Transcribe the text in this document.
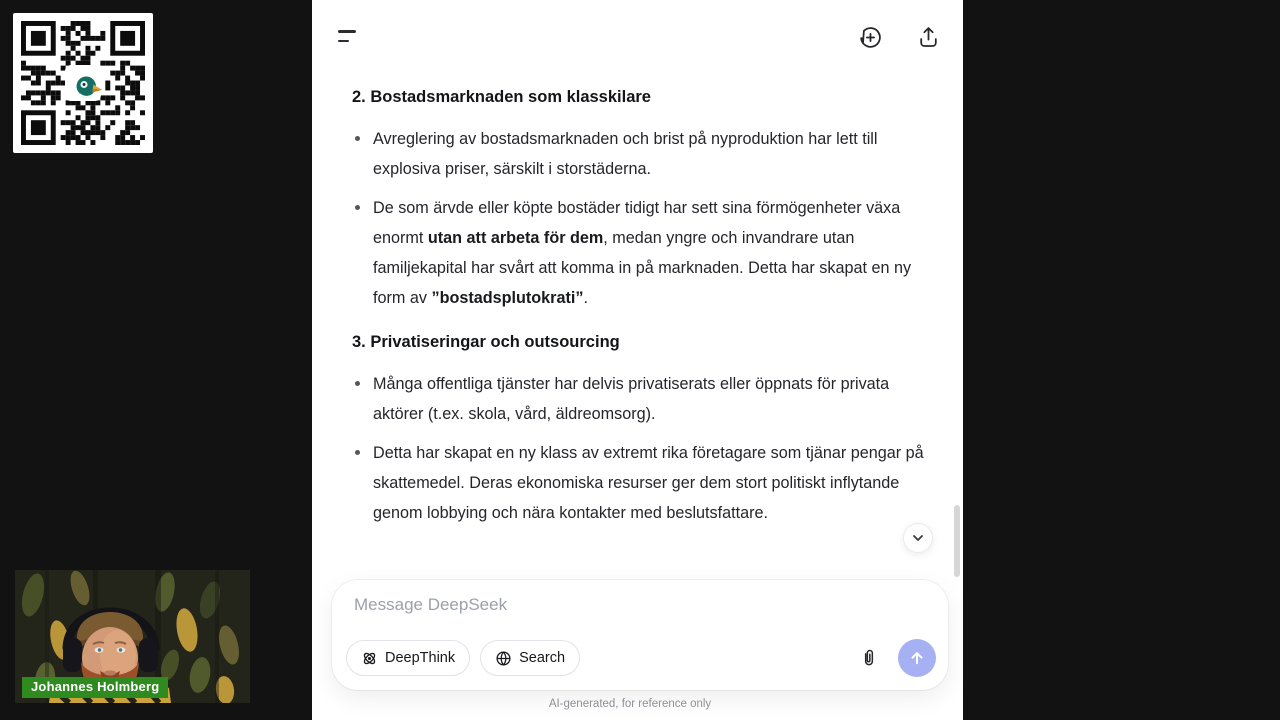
Johannes Holmberg
2. Bostadsmarknaden som klasskilare
Avreglering av bostadsmarknaden och brist på nyproduktion har lett till explosiva priser, särskilt i storstäderna.
De som ärvde eller köpte bostäder tidigt har sett sina förmögenheter växa enormt utan att arbeta för dem, medan yngre och invandrare utan familjekapital har svårt att komma in på marknaden. Detta har skapat en ny form av ”bostadsplutokrati”.
3. Privatiseringar och outsourcing
Många offentliga tjänster har delvis privatiserats eller öppnats för privata aktörer (t.ex. skola, vård, äldreomsorg).
Detta har skapat en ny klass av extremt rika företagare som tjänar pengar på skattemedel. Deras ekonomiska resurser ger dem stort politiskt inflytande genom lobbying och nära kontakter med beslutsfattare.
Message DeepSeek
DeepThink	Search
AI-generated, for reference only
